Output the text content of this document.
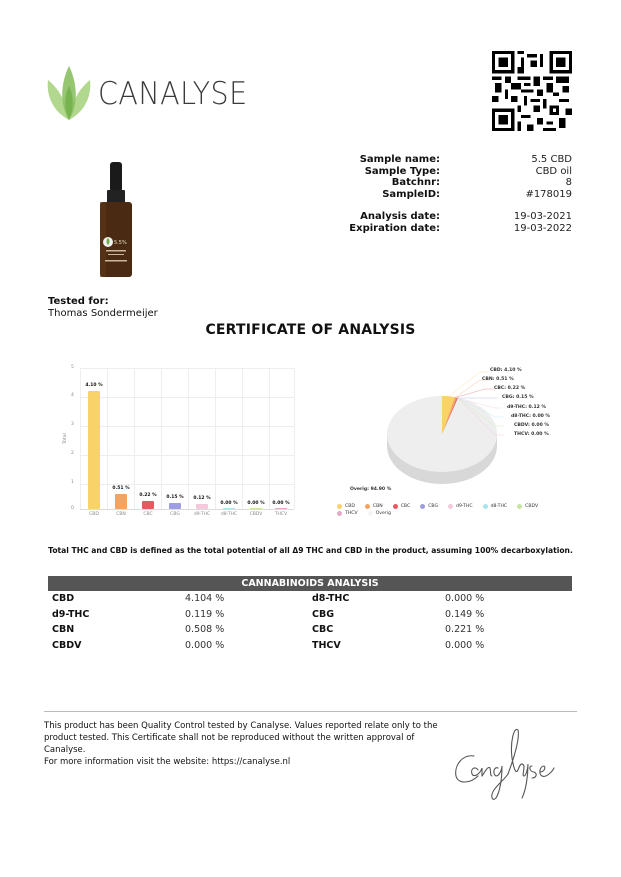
CANALYSE
Sample name:	5.5 CBD
Sample Type:	CBD oil
Batchnr:	8
SampleID:	#178019
Analysis date:	19-03-2021
Expiration date:	19-03-2022
5.5%
Tested for:
Thomas Sondermeijer
CERTIFICATE OF ANALYSIS
Total
5
4
3
2
1
0
4.10 %
0.51 %
0.22 %	0.15 %	0.12 %
0.00 %	0.00 %	0.00 %
CBD	CBN	CBC	CBG	d9-THC	d8-THC	CBDV	THCV
CBD: 4.10 %
CBN: 0.51 %
CBC: 0.22 %
CBG: 0.15 %
d9-THC: 0.12 %
d8-THC: 0.00 %
CBDV: 0.00 %
THCV: 0.00 %
Overig: 94.90 %
CBD	CBN	CBC	CBG	d9-THC	d8-THC	CBDV
THCV	Overig
Total THC and CBD is defined as the total potential of all Δ9 THC and CBD in the product, assuming 100% decarboxylation.
CANNABINOIDS ANALYSIS
CBD	4.104 %	d8-THC	0.000 %
d9-THC	0.119 %	CBG	0.149 %
CBN	0.508 %	CBC	0.221 %
CBDV	0.000 %	THCV	0.000 %
This product has been Quality Control tested by Canalyse. Values reported relate only to the
product tested. This Certificate shall not be reproduced without the written approval of Canalyse.
For more information visit the website: https://canalyse.nl
